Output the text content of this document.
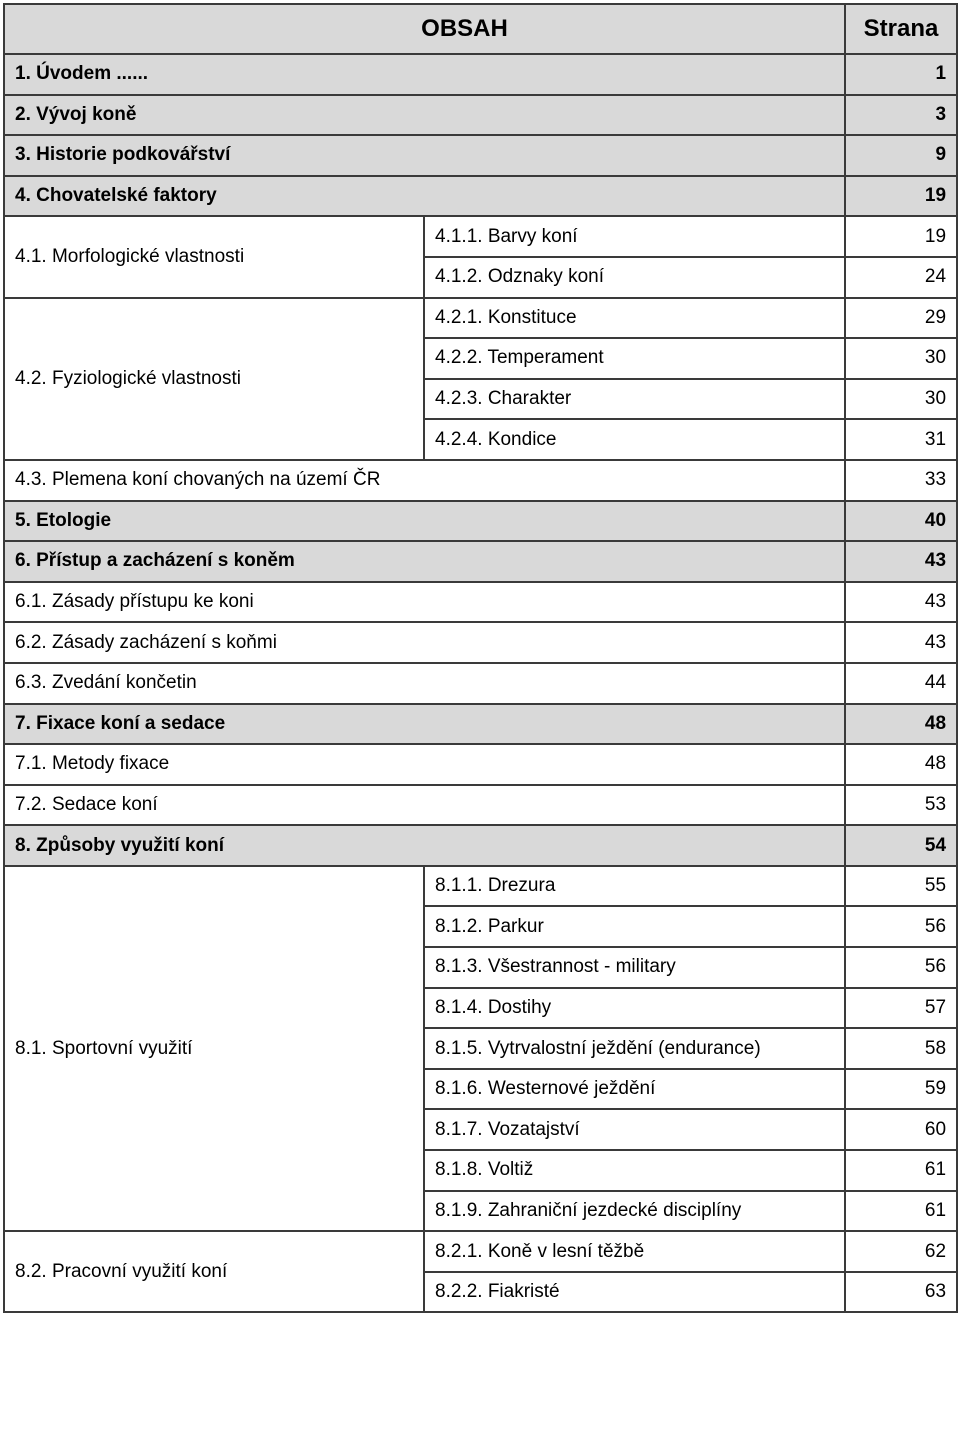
OBSAH		Strana
1. Úvodem ......		1
2. Vývoj koně		3
3. Historie podkovářství		9
4. Chovatelské faktory		19
4.1. Morfologické vlastnosti	4.1.1. Barvy koní	19
	4.1.2. Odznaky koní	24
4.2. Fyziologické vlastnosti	4.2.1. Konstituce	29
	4.2.2. Temperament	30
	4.2.3. Charakter	30
	4.2.4. Kondice	31
4.3. Plemena koní chovaných na území ČR		33
5. Etologie		40
6. Přístup a zacházení s koněm		43
6.1. Zásady přístupu ke koni		43
6.2. Zásady zacházení s koňmi		43
6.3. Zvedání končetin		44
7. Fixace koní a sedace		48
7.1. Metody fixace		48
7.2. Sedace koní		53
8. Způsoby využití koní		54
8.1. Sportovní využití	8.1.1. Drezura	55
	8.1.2. Parkur	56
	8.1.3. Všestrannost - military	56
	8.1.4. Dostihy	57
	8.1.5. Vytrvalostní ježdění (endurance)	58
	8.1.6. Westernové ježdění	59
	8.1.7. Vozatajství	60
	8.1.8. Voltiž	61
	8.1.9. Zahraniční jezdecké disciplíny	61
8.2. Pracovní využití koní	8.2.1. Koně v lesní těžbě	62
	8.2.2. Fiakristé	63
